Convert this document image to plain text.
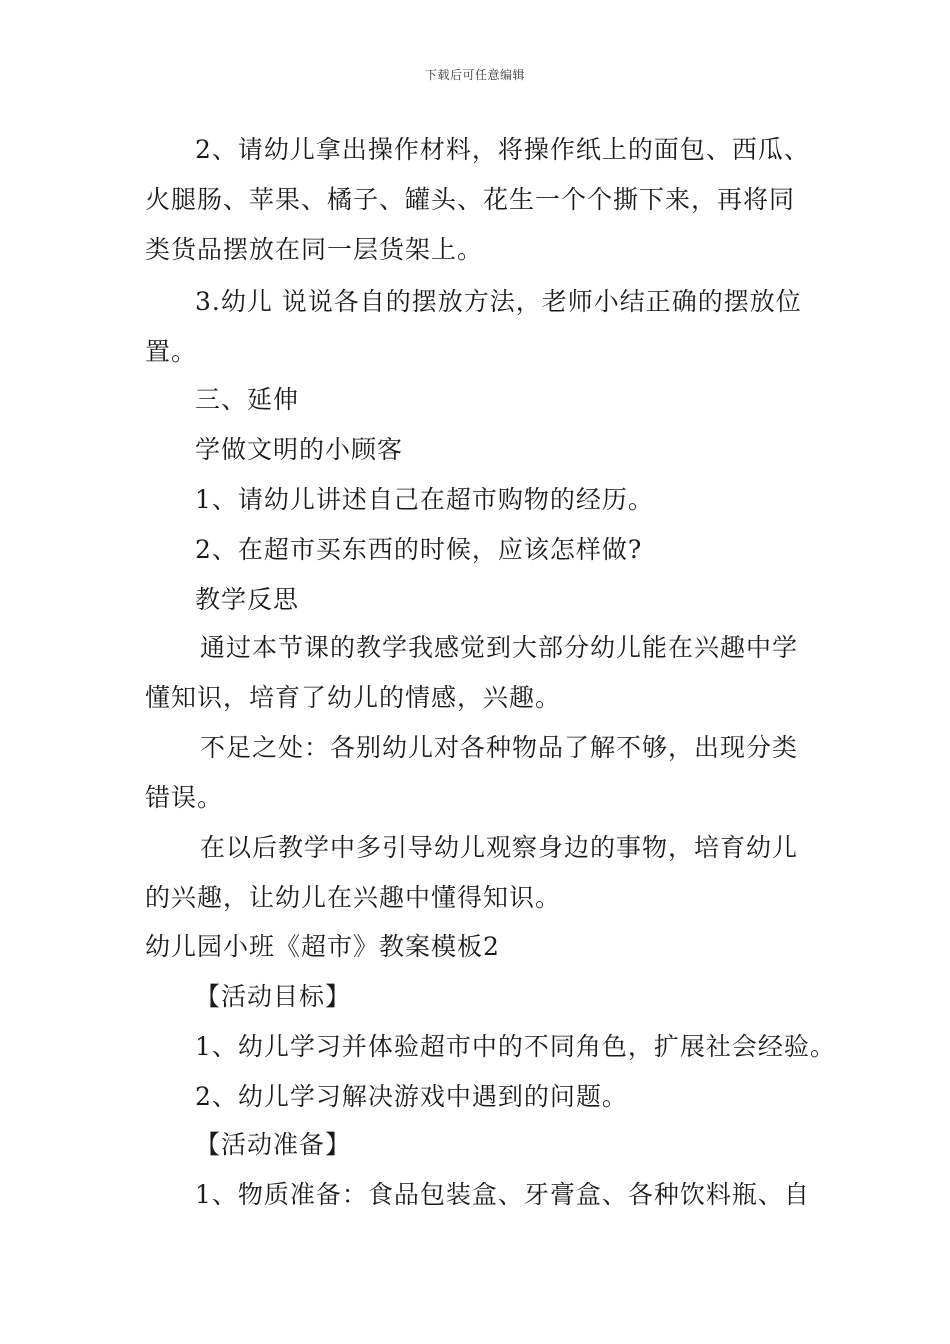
下载后可任意编辑
2、请幼儿拿出操作材料，将操作纸上的面包、西瓜、
火腿肠、苹果、橘子、罐头、花生一个个撕下来，再将同
类货品摆放在同一层货架上。
3.幼儿 说说各自的摆放方法，老师小结正确的摆放位
置。
三、延伸
学做文明的小顾客
1、请幼儿讲述自己在超市购物的经历。
2、在超市买东西的时候，应该怎样做?
教学反思
通过本节课的教学我感觉到大部分幼儿能在兴趣中学
懂知识，培育了幼儿的情感，兴趣。
不足之处：各别幼儿对各种物品了解不够，出现分类
错误。
在以后教学中多引导幼儿观察身边的事物，培育幼儿
的兴趣，让幼儿在兴趣中懂得知识。
幼儿园小班《超市》教案模板2
【活动目标】
1、幼儿学习并体验超市中的不同角色，扩展社会经验。
2、幼儿学习解决游戏中遇到的问题。
【活动准备】
1、物质准备：食品包装盒、牙膏盒、各种饮料瓶、自
